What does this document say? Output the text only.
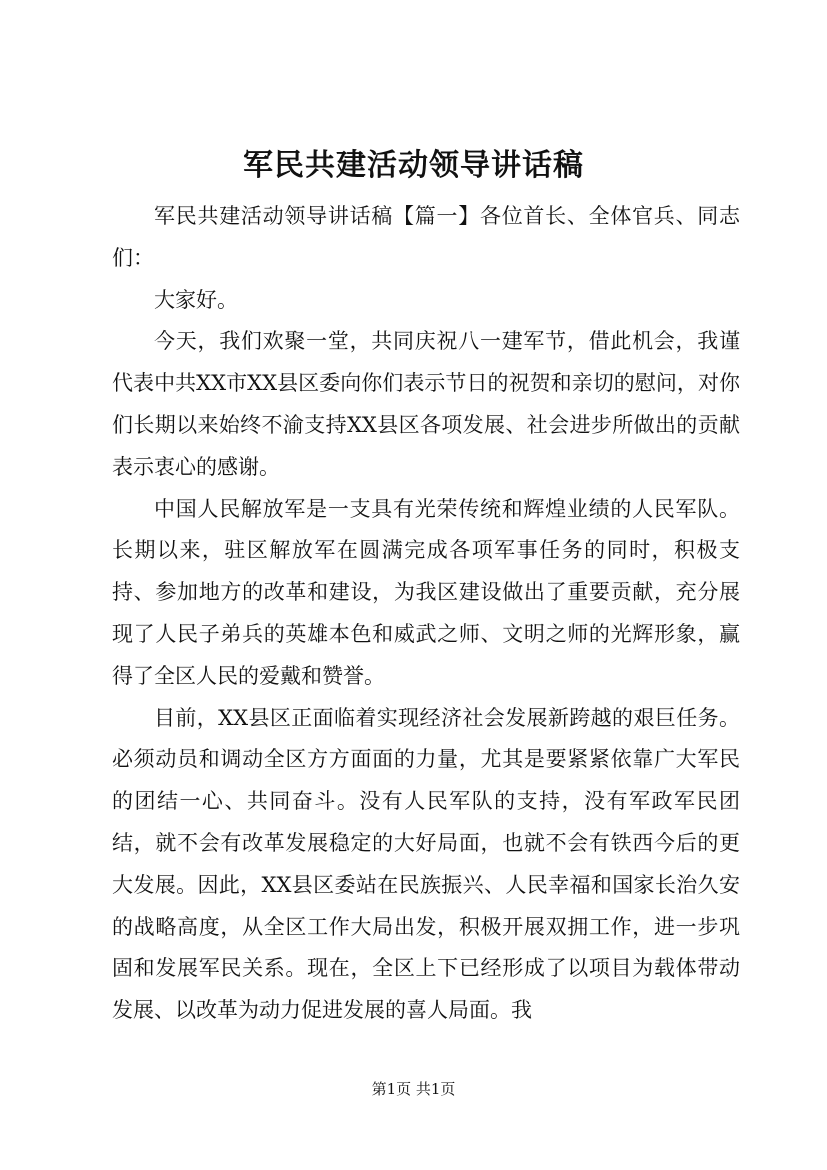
军民共建活动领导讲话稿

军民共建活动领导讲话稿【篇一】各位首长、全体官兵、同志们：

大家好。

今天，我们欢聚一堂，共同庆祝八一建军节，借此机会，我谨代表中共XX市XX县区委向你们表示节日的祝贺和亲切的慰问，对你们长期以来始终不渝支持XX县区各项发展、社会进步所做出的贡献表示衷心的感谢。

中国人民解放军是一支具有光荣传统和辉煌业绩的人民军队。长期以来，驻区解放军在圆满完成各项军事任务的同时，积极支持、参加地方的改革和建设，为我区建设做出了重要贡献，充分展现了人民子弟兵的英雄本色和威武之师、文明之师的光辉形象，赢得了全区人民的爱戴和赞誉。

目前，XX县区正面临着实现经济社会发展新跨越的艰巨任务。必须动员和调动全区方方面面的力量，尤其是要紧紧依靠广大军民的团结一心、共同奋斗。没有人民军队的支持，没有军政军民团结，就不会有改革发展稳定的大好局面，也就不会有铁西今后的更大发展。因此，XX县区委站在民族振兴、人民幸福和国家长治久安的战略高度，从全区工作大局出发，积极开展双拥工作，进一步巩固和发展军民关系。现在，全区上下已经形成了以项目为载体带动发展、以改革为动力促进发展的喜人局面。我

第1页 共1页
